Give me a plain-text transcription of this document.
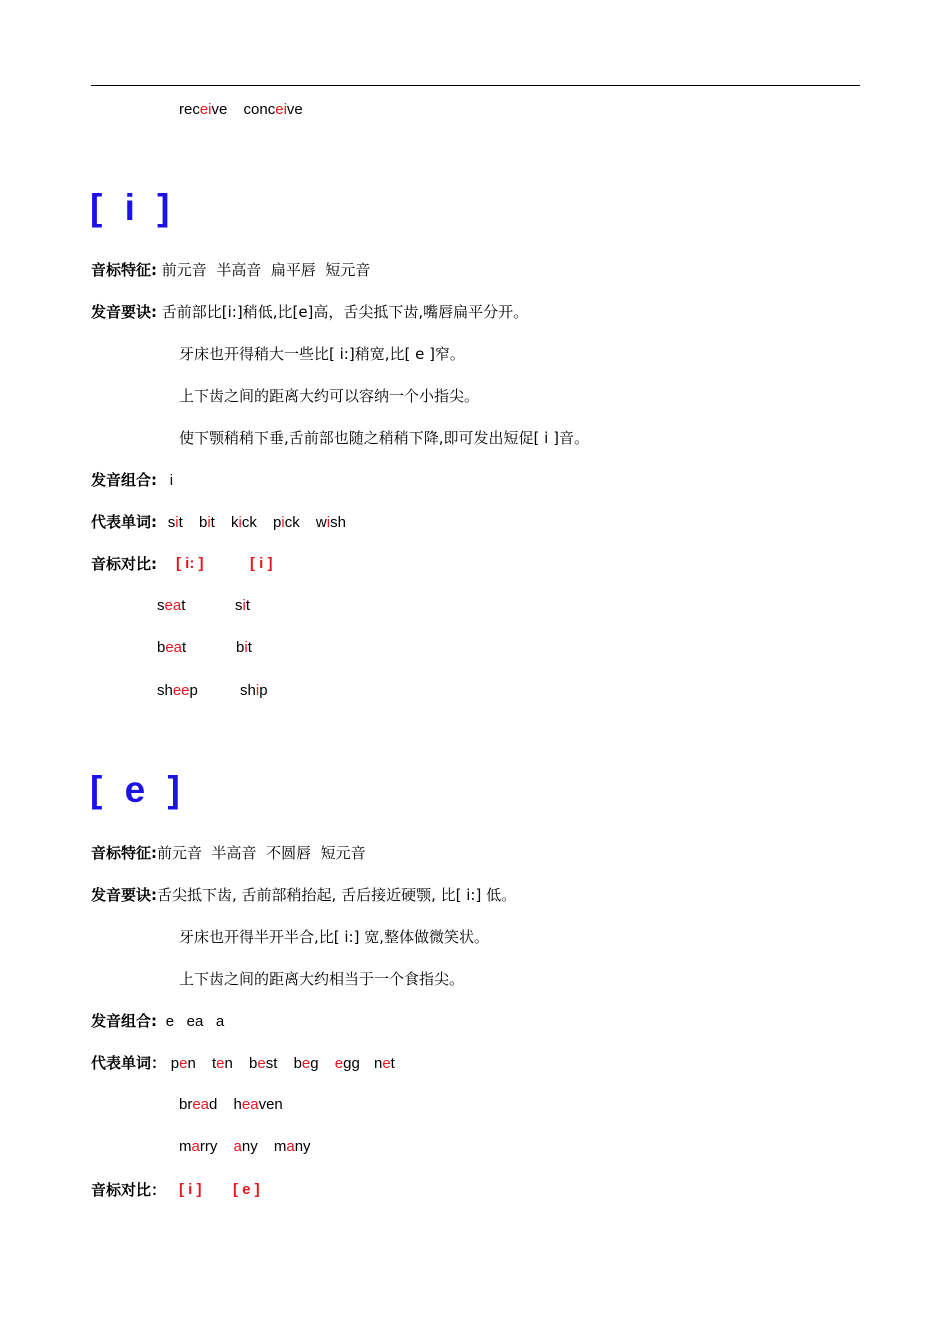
receive conceive
[ i ]
音标特征: 前元音  半高音  扁平唇  短元音
发音要诀: 舌前部比[i:]稍低,比[e]高，舌尖抵下齿,嘴唇扁平分开。
牙床也开得稍大一些比[ i:]稍宽,比[ e ]窄。
上下齿之间的距离大约可以容纳一个小指尖。
使下颚稍稍下垂,舌前部也随之稍稍下降,即可发出短促[ i ]音。
发音组合: i
代表单词: sit bit kick pick wish
音标对比: [ i: ]	[ i ]
seat	sit
beat	bit
sheep	ship
[ e ]
音标特征:前元音  半高音  不圆唇  短元音
发音要诀:舌尖抵下齿, 舌前部稍抬起, 舌后接近硬颚, 比[ i:] 低。
牙床也开得半开半合,比[ i:] 宽,整体做微笑状。
上下齿之间的距离大约相当于一个食指尖。
发音组合: e   ea   a
代表单词： pen ten best beg egg net
bread heaven
marry any many
音标对比： [ i ] [ e ]
